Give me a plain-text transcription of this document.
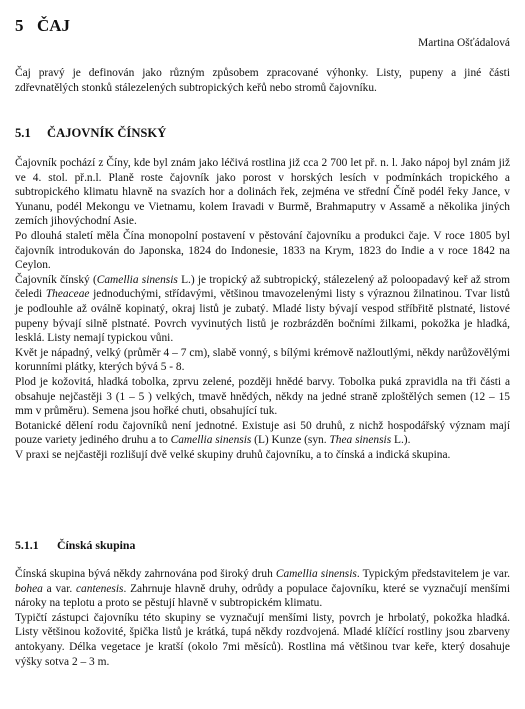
5 ČAJ

Martina Ošťádalová

Čaj pravý je definován jako různým způsobem zpracované výhonky. Listy, pupeny a jiné části zdřevnatělých stonků stálezelených subtropických keřů nebo stromů čajovníku.

5.1 ČAJOVNÍK ČÍNSKÝ

Čajovník pochází z Číny, kde byl znám jako léčivá rostlina již cca 2 700 let př. n. l. Jako nápoj byl znám již ve 4. stol. př.n.l. Planě roste čajovník jako porost v horských lesích v podmínkách tropického a subtropického klimatu hlavně na svazích hor a dolinách řek, zejména ve střední Číně podél řeky Jance, v Yunanu, podél Mekongu ve Vietnamu, kolem Iravadi v Burmě, Brahmaputry v Assamě a několika jiných zemích jihovýchodní Asie.

Po dlouhá staletí měla Čína monopolní postavení v pěstování čajovníku a produkci čaje. V roce 1805 byl čajovník introdukován do Japonska, 1824 do Indonesie, 1833 na Krym, 1823 do Indie a v roce 1842 na Ceylon.

Čajovník čínský (Camellia sinensis L.) je tropický až subtropický, stálezelený až poloopadavý keř až strom čeledi Theaceae jednoduchými, střídavými, většinou tmavozelenými listy s výraznou žilnatinou. Tvar listů je podlouhle až oválně kopinatý, okraj listů je zubatý. Mladé listy bývají vespod stříbřitě plstnaté, listové pupeny bývají silně plstnaté. Povrch vyvinutých listů je rozbrázděn bočními žilkami, pokožka je hladká, lesklá. Listy nemají typickou vůni.

Květ je nápadný, velký (průměr 4 – 7 cm), slabě vonný, s bílými krémově nažloutlými, někdy narůžovělými korunními plátky, kterých bývá 5 - 8.

Plod je kožovitá, hladká tobolka, zprvu zelené, později hnědé barvy. Tobolka puká zpravidla na tři části a obsahuje nejčastěji 3 (1 – 5 ) velkých, tmavě hnědých, někdy na jedné straně zploštělých semen (12 – 15 mm v průměru). Semena jsou hořké chuti, obsahující tuk.

Botanické dělení rodu čajovníků není jednotné. Existuje asi 50 druhů, z nichž hospodářský význam mají pouze variety jediného druhu a to Camellia sinensis (L) Kunze (syn. Thea sinensis L.).

V praxi se nejčastěji rozlišují dvě velké skupiny druhů čajovníku, a to čínská a indická skupina.

5.1.1 Čínská skupina

Čínská skupina bývá někdy zahrnována pod široký druh Camellia sinensis. Typickým představitelem je var. bohea a var. cantenesis. Zahrnuje hlavně druhy, odrůdy a populace čajovníku, které se vyznačují menšími nároky na teplotu a proto se pěstují hlavně v subtropickém klimatu.

Typičtí zástupci čajovníku této skupiny se vyznačují menšími listy, povrch je hrbolatý, pokožka hladká. Listy většinou kožovité, špička listů je krátká, tupá někdy rozdvojená. Mladé klíčící rostliny jsou zbarveny antokyany. Délka vegetace je kratší (okolo 7mi měsíců). Rostlina má většinou tvar keře, který dosahuje výšky sotva 2 – 3 m.
